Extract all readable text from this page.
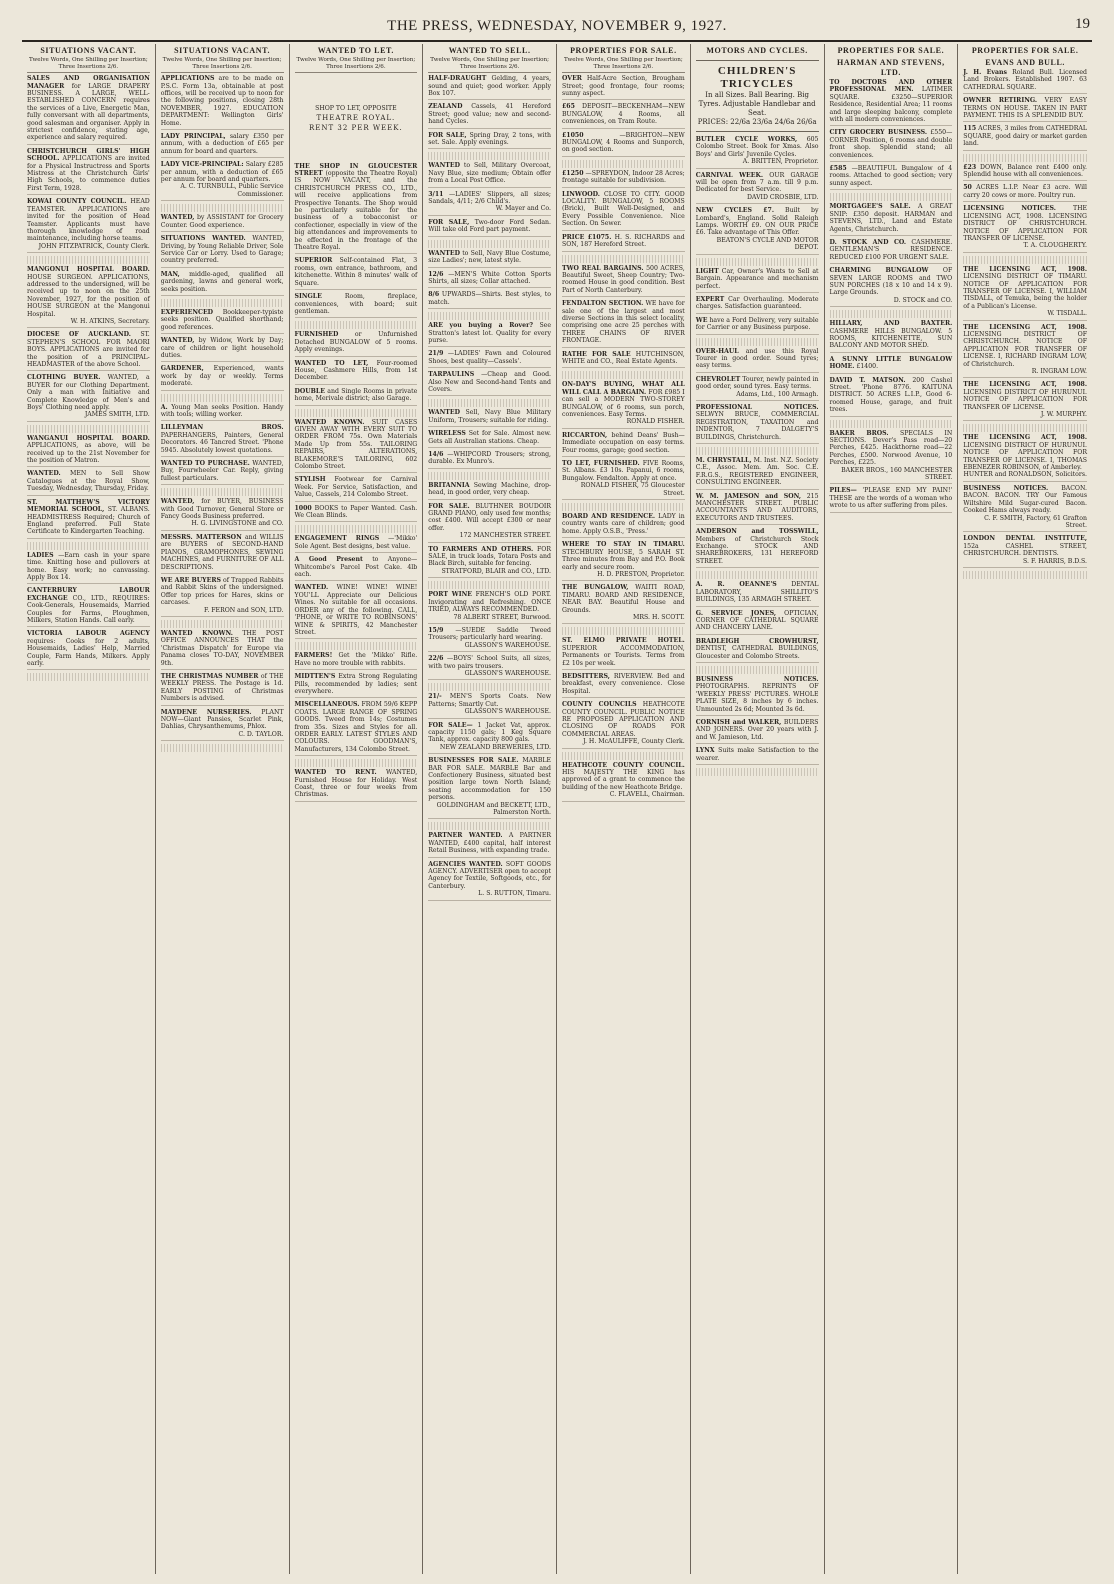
THE PRESS, WEDNESDAY, NOVEMBER 9, 1927.	19
SITUATIONS VACANT.
Twelve Words, One Shilling per Insertion; Three Insertions 2/6.

SALES AND ORGANISATION MANAGER for LARGE DRAPERY BUSINESS. A LARGE, WELL-ESTABLISHED CONCERN requires the services of a Live, Energetic Man, fully conversant with all departments, good salesman and organiser. Apply in strictest confidence, stating age, experience and salary required.

CHRISTCHURCH GIRLS' HIGH SCHOOL. APPLICATIONS are invited for a Physical Instructress and Sports Mistress at the Christchurch Girls' High Schools, to commence duties First Term, 1928.

KOWAI COUNTY COUNCIL. HEAD TEAMSTER. APPLICATIONS are invited for the position of Head Teamster. Applicants must have thorough knowledge of road maintenance, including horse teams.
JOHN FITZPATRICK, County Clerk.

MANGONUI HOSPITAL BOARD. HOUSE SURGEON. APPLICATIONS, addressed to the undersigned, will be received up to noon on the 25th November, 1927, for the position of HOUSE SURGEON at the Mangonui Hospital.
W. H. ATKINS, Secretary.

DIOCESE OF AUCKLAND. ST. STEPHEN'S SCHOOL FOR MAORI BOYS. APPLICATIONS are invited for the position of a PRINCIPAL-HEADMASTER of the above School.

CLOTHING BUYER. WANTED, a BUYER for our Clothing Department. Only a man with Initiative and Complete Knowledge of Men's and Boys' Clothing need apply.
JAMES SMITH, LTD.

WANGANUI HOSPITAL BOARD. APPLICATIONS, as above, will be received up to the 21st November for the position of Matron.

WANTED. MEN to Sell Show Catalogues at the Royal Show, Tuesday, Wednesday, Thursday, Friday.

ST. MATTHEW'S VICTORY MEMORIAL SCHOOL, ST. ALBANS. HEADMISTRESS Required; Church of England preferred. Full State Certificate to Kindergarten Teaching.

LADIES —Earn cash in your spare time. Knitting hose and pullovers at home. Easy work; no canvassing. Apply Box 14.

CANTERBURY LABOUR EXCHANGE CO., LTD., REQUIRES: Cook-Generals, Housemaids, Married Couples for Farms, Ploughmen, Milkers, Station Hands. Call early.

VICTORIA LABOUR AGENCY requires: Cooks for 2 adults, Housemaids, Ladies' Help, Married Couple, Farm Hands, Milkers. Apply early.

SITUATIONS VACANT.
Twelve Words, One Shilling per Insertion; Three Insertions 2/6.

APPLICATIONS are to be made on P.S.C. Form 13a, obtainable at post offices, will be received up to noon for the following positions, closing 28th NOVEMBER, 1927. EDUCATION DEPARTMENT: Wellington Girls' Home.

LADY PRINCIPAL, salary £350 per annum, with a deduction of £65 per annum for board and quarters.

LADY VICE-PRINCIPAL: Salary £285 per annum, with a deduction of £65 per annum for board and quarters.
A. C. TURNBULL, Public Service Commissioner.

WANTED, by ASSISTANT for Grocery Counter. Good experience.

SITUATIONS WANTED. WANTED, Driving, by Young Reliable Driver, Sole Service Car or Lorry. Used to Garage; country preferred.

MAN, middle-aged, qualified all gardening, lawns and general work, seeks position.

EXPERIENCED Bookkeeper-typiste seeks position. Qualified shorthand; good references.

WANTED, by Widow, Work by Day; care of children or light household duties.

GARDENER, Experienced, wants work by day or weekly. Terms moderate.

A. Young Man seeks Position. Handy with tools; willing worker.

LILLEYMAN BROS. PAPERHANGERS, Painters, General Decorators. 46 Tancred Street. 'Phone 5945. Absolutely lowest quotations.

WANTED TO PURCHASE. WANTED, Buy, Fourwheeler Car. Reply, giving fullest particulars.

WANTED, for BUYER, BUSINESS with Good Turnover, General Store or Fancy Goods Business preferred.
H. G. LIVINGSTONE and CO.

MESSRS. MATTERSON and WILLIS are BUYERS of SECOND-HAND PIANOS, GRAMOPHONES, SEWING MACHINES, and FURNITURE OF ALL DESCRIPTIONS.

WE ARE BUYERS of Trapped Rabbits and Rabbit Skins of the undersigned. Offer top prices for Hares, skins or carcases.
F. FERON and SON, LTD.

WANTED KNOWN. THE POST OFFICE ANNOUNCES THAT the 'Christmas Dispatch' for Europe via Panama closes TO-DAY, NOVEMBER 9th.

THE CHRISTMAS NUMBER of THE WEEKLY PRESS. The Postage is 1d. EARLY POSTING of Christmas Numbers is advised.

MAYDENE NURSERIES. PLANT NOW—Giant Pansies, Scarlet Pink, Dahlias, Chrysanthemums, Phlox.
C. D. TAYLOR.

WANTED TO LET.
Twelve Words, One Shilling per Insertion; Three Insertions 2/6.
SHOP TO LET, OPPOSITE
THEATRE ROYAL.
RENT 32 PER WEEK.

THE SHOP IN GLOUCESTER STREET (opposite the Theatre Royal) IS NOW VACANT, and the CHRISTCHURCH PRESS CO., LTD., will receive applications from Prospective Tenants. The Shop would be particularly suitable for the business of a tobacconist or confectioner, especially in view of the big attendances and improvements to be effected in the frontage of the Theatre Royal.

SUPERIOR Self-contained Flat, 3 rooms, own entrance, bathroom, and kitchenette. Within 8 minutes' walk of Square.

SINGLE	Room, fireplace, conveniences, with board; suit gentleman.

FURNISHED	or Unfurnished Detached BUNGALOW of 5 rooms. Apply evenings.

WANTED TO LET, Four-roomed House, Cashmere Hills, from 1st December.

DOUBLE and Single Rooms in private home, Merivale district; also Garage.

WANTED KNOWN. SUIT CASES GIVEN AWAY WITH EVERY SUIT TO ORDER FROM 75s. Own Materials Made Up from 55s. TAILORING REPAIRS, ALTERATIONS, BLAKEMORE'S TAILORING, 602 Colombo Street.

STYLISH Footwear for Carnival Week. For Service, Satisfaction, and Value, Cassels, 214 Colombo Street.

1000 BOOKS to Paper Wanted. Cash. We Clean Blinds.

ENGAGEMENT RINGS —'Mikko' Sole Agent. Best designs, best value.

A Good Present to Anyone—Whitcombe's Parcel Post Cake. 4lb each.

WANTED. WINE! WINE! WINE! YOU'LL Appreciate our Delicious Wines. No suitable for all occasions. ORDER any of the following. CALL, 'PHONE, or WRITE TO ROBINSONS' WINE & SPIRITS, 42 Manchester Street.

FARMERS! Get the 'Mikko' Rifle. Have no more trouble with rabbits.

MIDTTEN'S Extra Strong Regulating Pills, recommended by ladies; sent everywhere.

MISCELLANEOUS. FROM 59/6 KEPP COATS. LARGE RANGE OF SPRING GOODS. Tweed from 14s; Costumes from 35s. Sizes and Styles for all. ORDER EARLY. LATEST STYLES AND COLOURS. GOODMAN'S, Manufacturers, 134 Colombo Street.

WANTED TO RENT. WANTED, Furnished House for Holiday. West Coast, three or four weeks from Christmas.

WANTED TO SELL.
Twelve Words, One Shilling per Insertion; Three Insertions 2/6.

HALF-DRAUGHT Gelding, 4 years, sound and quiet; good worker. Apply Box 107.

ZEALAND Cassels, 41 Hereford Street; good value; new and second-hand Cycles.

FOR SALE, Spring Dray, 2 tons, with set. Sale. Apply evenings.

WANTED to Sell, Military Overcoat, Navy Blue, size medium; Obtain offer from a Local Post Office.

3/11 —LADIES' Slippers, all sizes; Sandals, 4/11; 2/6 Child's.
W. Mayer and Co.

FOR SALE, Two-door Ford Sedan. Will take old Ford part payment.

WANTED to Sell, Navy Blue Costume, size Ladies'; new, latest style.

12/6 —MEN'S White Cotton Sports Shirts, all sizes; Collar attached.

8/6 UPWARDS—Shirts. Best styles, to match.

ARE you buying a Rover? See Stratton's latest lot. Quality for every purse.

21/9 —LADIES' Fawn and Coloured Shoes, best quality—Cassels'.

TARPAULINS —Cheap and Good. Also New and Second-hand Tents and Covers.

WANTED Sell, Navy Blue Military Uniform, Trousers; suitable for riding.

WIRELESS Set for Sale. Almost new. Gets all Australian stations. Cheap.

14/6 —WHIPCORD Trousers; strong, durable. Ex Munro's.

BRITANNIA Sewing Machine, drop-head, in good order, very cheap.

FOR SALE. BLUTHNER BOUDOIR GRAND PIANO, only used few months; cost £400. Will accept £300 or near offer.
172 MANCHESTER STREET.

TO FARMERS AND OTHERS. FOR SALE, in truck loads, Totara Posts and Black Birch, suitable for fencing.
STRATFORD, BLAIR and CO., LTD.

PORT WINE FRENCH'S OLD PORT. Invigorating and Refreshing. ONCE TRIED, ALWAYS RECOMMENDED.
78 ALBERT STREET, Burwood.

15/9 —SUEDE Saddle Tweed Trousers; particularly hard wearing.
GLASSON'S WAREHOUSE.

22/6 —BOYS' School Suits, all sizes, with two pairs trousers.
GLASSON'S WAREHOUSE.

21/- MEN'S Sports Coats. New Patterns; Smartly Cut.
GLASSON'S WAREHOUSE.

FOR SALE— 1 Jacket Vat, approx. capacity 1150 gals; 1 Keg Square Tank, approx. capacity 800 gals.
NEW ZEALAND BREWERIES, LTD.

BUSINESSES FOR SALE. MARBLE BAR FOR SALE. MARBLE Bar and Confectionery Business, situated best position large town North Island; seating accommodation for 150 persons.
GOLDINGHAM and BECKETT, LTD., Palmerston North.

PARTNER WANTED. A PARTNER WANTED, £400 capital, half interest Retail Business, with expanding trade.

AGENCIES WANTED. SOFT GOODS AGENCY. ADVERTISER open to accept Agency for Textile, Softgoods, etc., for Canterbury.
L. S. RUTTON, Timaru.

PROPERTIES FOR SALE.
Twelve Words, One Shilling per Insertion; Three Insertions 2/6.

OVER Half-Acre Section, Brougham Street; good frontage, four rooms; sunny aspect.

£65 DEPOSIT—BECKENHAM—NEW BUNGALOW, 4 Rooms, all conveniences, on Tram Route.

£1050	—BRIGHTON—NEW BUNGALOW, 4 Rooms and Sunporch, on good section.

£1250 —SPREYDON, Indoor 28 Acres; frontage suitable for subdivision.

LINWOOD. CLOSE TO CITY. GOOD LOCALITY. BUNGALOW, 5 ROOMS (Brick), Built Well-Designed, and Every Possible Convenience. Nice Section. On Sewer.

PRICE £1075. H. S. RICHARDS and SON, 187 Hereford Street.

TWO REAL BARGAINS. 500 ACRES, Beautiful Sweet, Sheep Country; Two-roomed House in good condition. Best Part of North Canterbury.

FENDALTON SECTION. WE have for sale one of the largest and most diverse Sections in this select locality, comprising one acre 25 perches with THREE CHAINS OF RIVER FRONTAGE.

RATHE FOR SALE HUTCHINSON, WHITE and CO., Real Estate Agents.

ON-DAY'S BUYING, WHAT ALL WILL CALL A BARGAIN. FOR £985 I can sell a MODERN TWO-STOREY BUNGALOW, of 6 rooms, sun porch, conveniences. Easy Terms.
RONALD FISHER.

RICCARTON, behind Deans' Bush—Immediate occupation on easy terms. Four rooms, garage; good section.

TO LET, FURNISHED. FIVE Rooms, St. Albans. £3 10s. Papanui, 6 rooms, Bungalow. Fendalton. Apply at once.
RONALD FISHER, 75 Gloucester Street.

BOARD AND RESIDENCE. LADY in country wants care of children; good home. Apply O.S.B., 'Press.'

WHERE TO STAY IN TIMARU. STECHBURY HOUSE, 5 SARAH ST. Three minutes from Bay and P.O. Book early and secure room.
H. D. PRESTON, Proprietor.

THE BUNGALOW, WAIITI ROAD, TIMARU. BOARD AND RESIDENCE, NEAR BAY. Beautiful House and Grounds.
MRS. H. SCOTT.

ST. ELMO PRIVATE HOTEL. SUPERIOR ACCOMMODATION, Permanents or Tourists. Terms from £2 10s per week.

BEDSITTERS, RIVERVIEW. Bed and breakfast, every convenience. Close Hospital.

COUNTY COUNCILS HEATHCOTE COUNTY COUNCIL. PUBLIC NOTICE RE PROPOSED APPLICATION AND CLOSING OF ROADS FOR COMMERCIAL AREAS.
J. H. McAULIFFE, County Clerk.

HEATHCOTE COUNTY COUNCIL. HIS MAJESTY THE KING has approved of a grant to commence the building of the new Heathcote Bridge.
C. FLAVELL, Chairman.

MOTORS AND CYCLES.
CHILDREN'S TRICYCLES
In all Sizes. Ball Bearing. Big Tyres. Adjustable Handlebar and Seat.
PRICES: 22/6a 23/6a 24/6a 26/6a

BUTLER CYCLE WORKS, 605 Colombo Street. Book for Xmas. Also Boys' and Girls' Juvenile Cycles.
A. BRITTEN, Proprietor.

CARNIVAL WEEK. OUR GARAGE will be open from 7 a.m. till 9 p.m. Dedicated for best Service.
DAVID CROSBIE, LTD.

NEW CYCLES £7. Built by Lombard's, England. Solid Raleigh Lamps. WORTH £9. ON OUR PRICE £6. Take advantage of This Offer.
BEATON'S CYCLE AND MOTOR DEPOT.

LIGHT Car, Owner's Wants to Sell at Bargain. Appearance and mechanism perfect.

EXPERT Car Overhauling. Moderate charges. Satisfaction guaranteed.

WE have a Ford Delivery, very suitable for Carrier or any Business purpose.

OVER-HAUL and use this Royal Tourer in good order. Sound tyres; easy terms.

CHEVROLET Tourer, newly painted in good order, sound tyres. Easy terms.
Adams, Ltd., 100 Armagh.

PROFESSIONAL NOTICES. SELWYN BRUCE, COMMERCIAL REGISTRATION, TAXATION and INDENTOR, 7 DALGETY'S BUILDINGS, Christchurch.

M. CHRYSTALL, M. Inst. N.Z. Society C.E., Assoc. Mem. Am. Soc. C.E. F.R.G.S., REGISTERED ENGINEER, CONSULTING ENGINEER.

W. M. JAMESON and SON, 215 MANCHESTER STREET. PUBLIC ACCOUNTANTS AND AUDITORS, EXECUTORS AND TRUSTEES.

ANDERSON and TOSSWILL, Members of Christchurch Stock Exchange. STOCK AND SHAREBROKERS, 131 HEREFORD STREET.

A. R. OEANNE'S DENTAL LABORATORY, SHILLITO'S BUILDINGS, 135 ARMAGH STREET.

G. SERVICE JONES, OPTICIAN, CORNER OF CATHEDRAL SQUARE AND CHANCERY LANE.

BRADLEIGH CROWHURST, DENTIST, CATHEDRAL BUILDINGS, Gloucester and Colombo Streets.

BUSINESS NOTICES. PHOTOGRAPHS. REPRINTS OF 'WEEKLY PRESS' PICTURES. WHOLE PLATE SIZE, 8 inches by 6 inches. Unmounted 2s 6d; Mounted 3s 6d.

CORNISH and WALKER, BUILDERS AND JOINERS. Over 20 years with J. and W. Jamieson, Ltd.

LYNX Suits make Satisfaction to the wearer.

PROPERTIES FOR SALE.
HARMAN AND STEVENS, LTD.

TO DOCTORS AND OTHER PROFESSIONAL MEN. LATIMER SQUARE. £3250—SUPERIOR Residence, Residential Area; 11 rooms and large sleeping balcony, complete with all modern conveniences.

CITY GROCERY BUSINESS. £550—CORNER Position, 6 rooms and double front shop. Splendid stand; all conveniences.

£585 —BEAUTIFUL Bungalow of 4 rooms. Attached to good section; very sunny aspect.

MORTGAGEE'S SALE. A GREAT SNIP: £350 deposit. HARMAN and STEVENS, LTD., Land and Estate Agents, Christchurch.

D. STOCK AND CO. CASHMERE. GENTLEMAN'S RESIDENCE. REDUCED £100 FOR URGENT SALE.

CHARMING BUNGALOW OF SEVEN LARGE ROOMS and TWO SUN PORCHES (18 x 10 and 14 x 9). Large Grounds.
D. STOCK and CO.

HILLARY, AND BAXTER. CASHMERE HILLS BUNGALOW. 5 ROOMS, KITCHENETTE, SUN BALCONY AND MOTOR SHED.

A SUNNY LITTLE BUNGALOW HOME. £1400.

DAVID T. MATSON. 200 Cashel Street. 'Phone 8776. KAITUNA DISTRICT. 50 ACRES L.I.P., Good 6-roomed House, garage, and fruit trees.

BAKER BROS. SPECIALS IN SECTIONS. Dever's Pass road—20 Perches, £425. Hackthorne road—22 Perches, £500. Norwood Avenue, 10 Perches, £225.
BAKER BROS., 160 MANCHESTER STREET.

PILES— 'PLEASE END MY PAIN!' THESE are the words of a woman who wrote to us after suffering from piles.

PROPERTIES FOR SALE.
EVANS AND BULL.

J. H. Evans Roland Bull. Licensed Land Brokers. Established 1907. 63 CATHEDRAL SQUARE.

OWNER RETIRING. VERY EASY TERMS ON HOUSE. TAKEN IN PART PAYMENT. THIS IS A SPLENDID BUY.

115 ACRES, 3 miles from CATHEDRAL SQUARE, good dairy or market garden land.

£23 DOWN, Balance rent £400 only. Splendid house with all conveniences.

50 ACRES L.I.P. Near £3 acre. Will carry 20 cows or more. Poultry run.

LICENSING NOTICES.	THE LICENSING ACT, 1908. LICENSING DISTRICT OF CHRISTCHURCH. NOTICE OF APPLICATION FOR TRANSFER OF LICENSE.
T. A. CLOUGHERTY.

THE LICENSING ACT, 1908. LICENSING DISTRICT OF TIMARU. NOTICE OF APPLICATION FOR TRANSFER OF LICENSE. I, WILLIAM TISDALL, of Temuka, being the holder of a Publican's License.
W. TISDALL.

THE LICENSING ACT, 1908. LICENSING DISTRICT OF CHRISTCHURCH. NOTICE OF APPLICATION FOR TRANSFER OF LICENSE. I, RICHARD INGRAM LOW, of Christchurch.
R. INGRAM LOW.

THE LICENSING ACT, 1908. LICENSING DISTRICT OF HURUNUI. NOTICE OF APPLICATION FOR TRANSFER OF LICENSE.
J. W. MURPHY.

THE LICENSING ACT, 1908. LICENSING DISTRICT OF HURUNUI. NOTICE OF APPLICATION FOR TRANSFER OF LICENSE. I, THOMAS EBENEZER ROBINSON, of Amberley.
HUNTER and RONALDSON, Solicitors.

BUSINESS NOTICES. BACON. BACON. BACON. TRY Our Famous Wiltshire Mild Sugar-cured Bacon. Cooked Hams always ready.
C. F. SMITH, Factory, 61 Grafton Street.

LONDON DENTAL INSTITUTE, 152a CASHEL STREET, CHRISTCHURCH. DENTISTS.
S. F. HARRIS, B.D.S.
